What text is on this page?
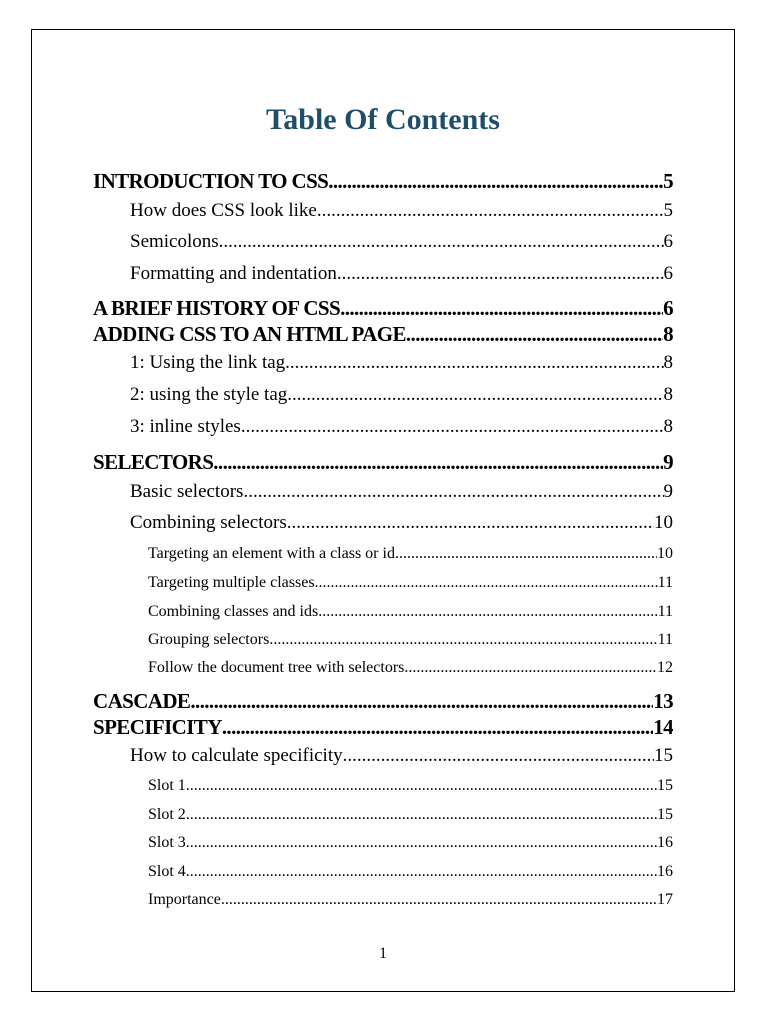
Table Of Contents
INTRODUCTION TO CSS .....	5
How does CSS look like .....	5
Semicolons .....	6
Formatting and indentation .....	6
A BRIEF HISTORY OF CSS .....	6
ADDING CSS TO AN HTML PAGE .....	8
1: Using the link tag .....	8
2: using the style tag .....	8
3: inline styles .....	8
SELECTORS .....	9
Basic selectors .....	9
Combining selectors .....	10
Targeting an element with a class or id .....	10
Targeting multiple classes .....	11
Combining classes and ids .....	11
Grouping selectors .....	11
Follow the document tree with selectors .....	12
CASCADE .....	13
SPECIFICITY .....	14
How to calculate specificity .....	15
Slot 1 .....	15
Slot 2 .....	15
Slot 3 .....	16
Slot 4 .....	16
Importance .....	17
1
